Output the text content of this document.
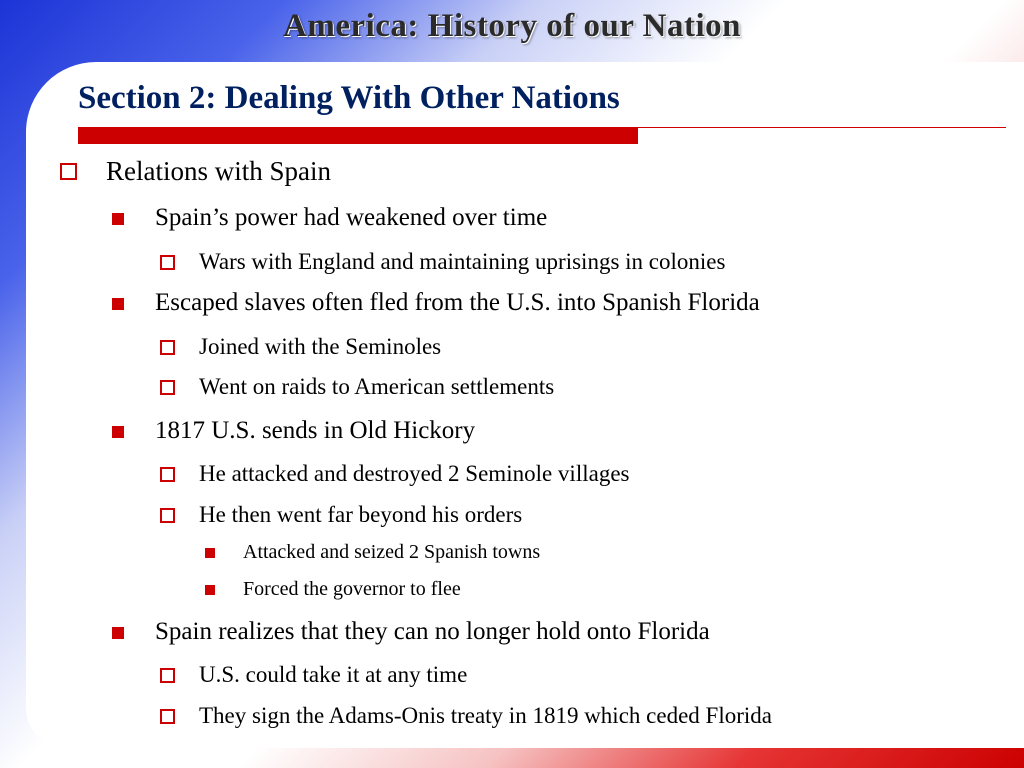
America: History of our Nation
Section 2: Dealing With Other Nations
Relations with Spain
Spain’s power had weakened over time
Wars with England and maintaining uprisings in colonies
Escaped slaves often fled from the U.S. into Spanish Florida
Joined with the Seminoles
Went on raids to American settlements
1817 U.S. sends in Old Hickory
He attacked and destroyed 2 Seminole villages
He then went far beyond his orders
Attacked and seized 2 Spanish towns
Forced the governor to flee
Spain realizes that they can no longer hold onto Florida
U.S. could take it at any time
They sign the Adams-Onis treaty in 1819 which ceded Florida
